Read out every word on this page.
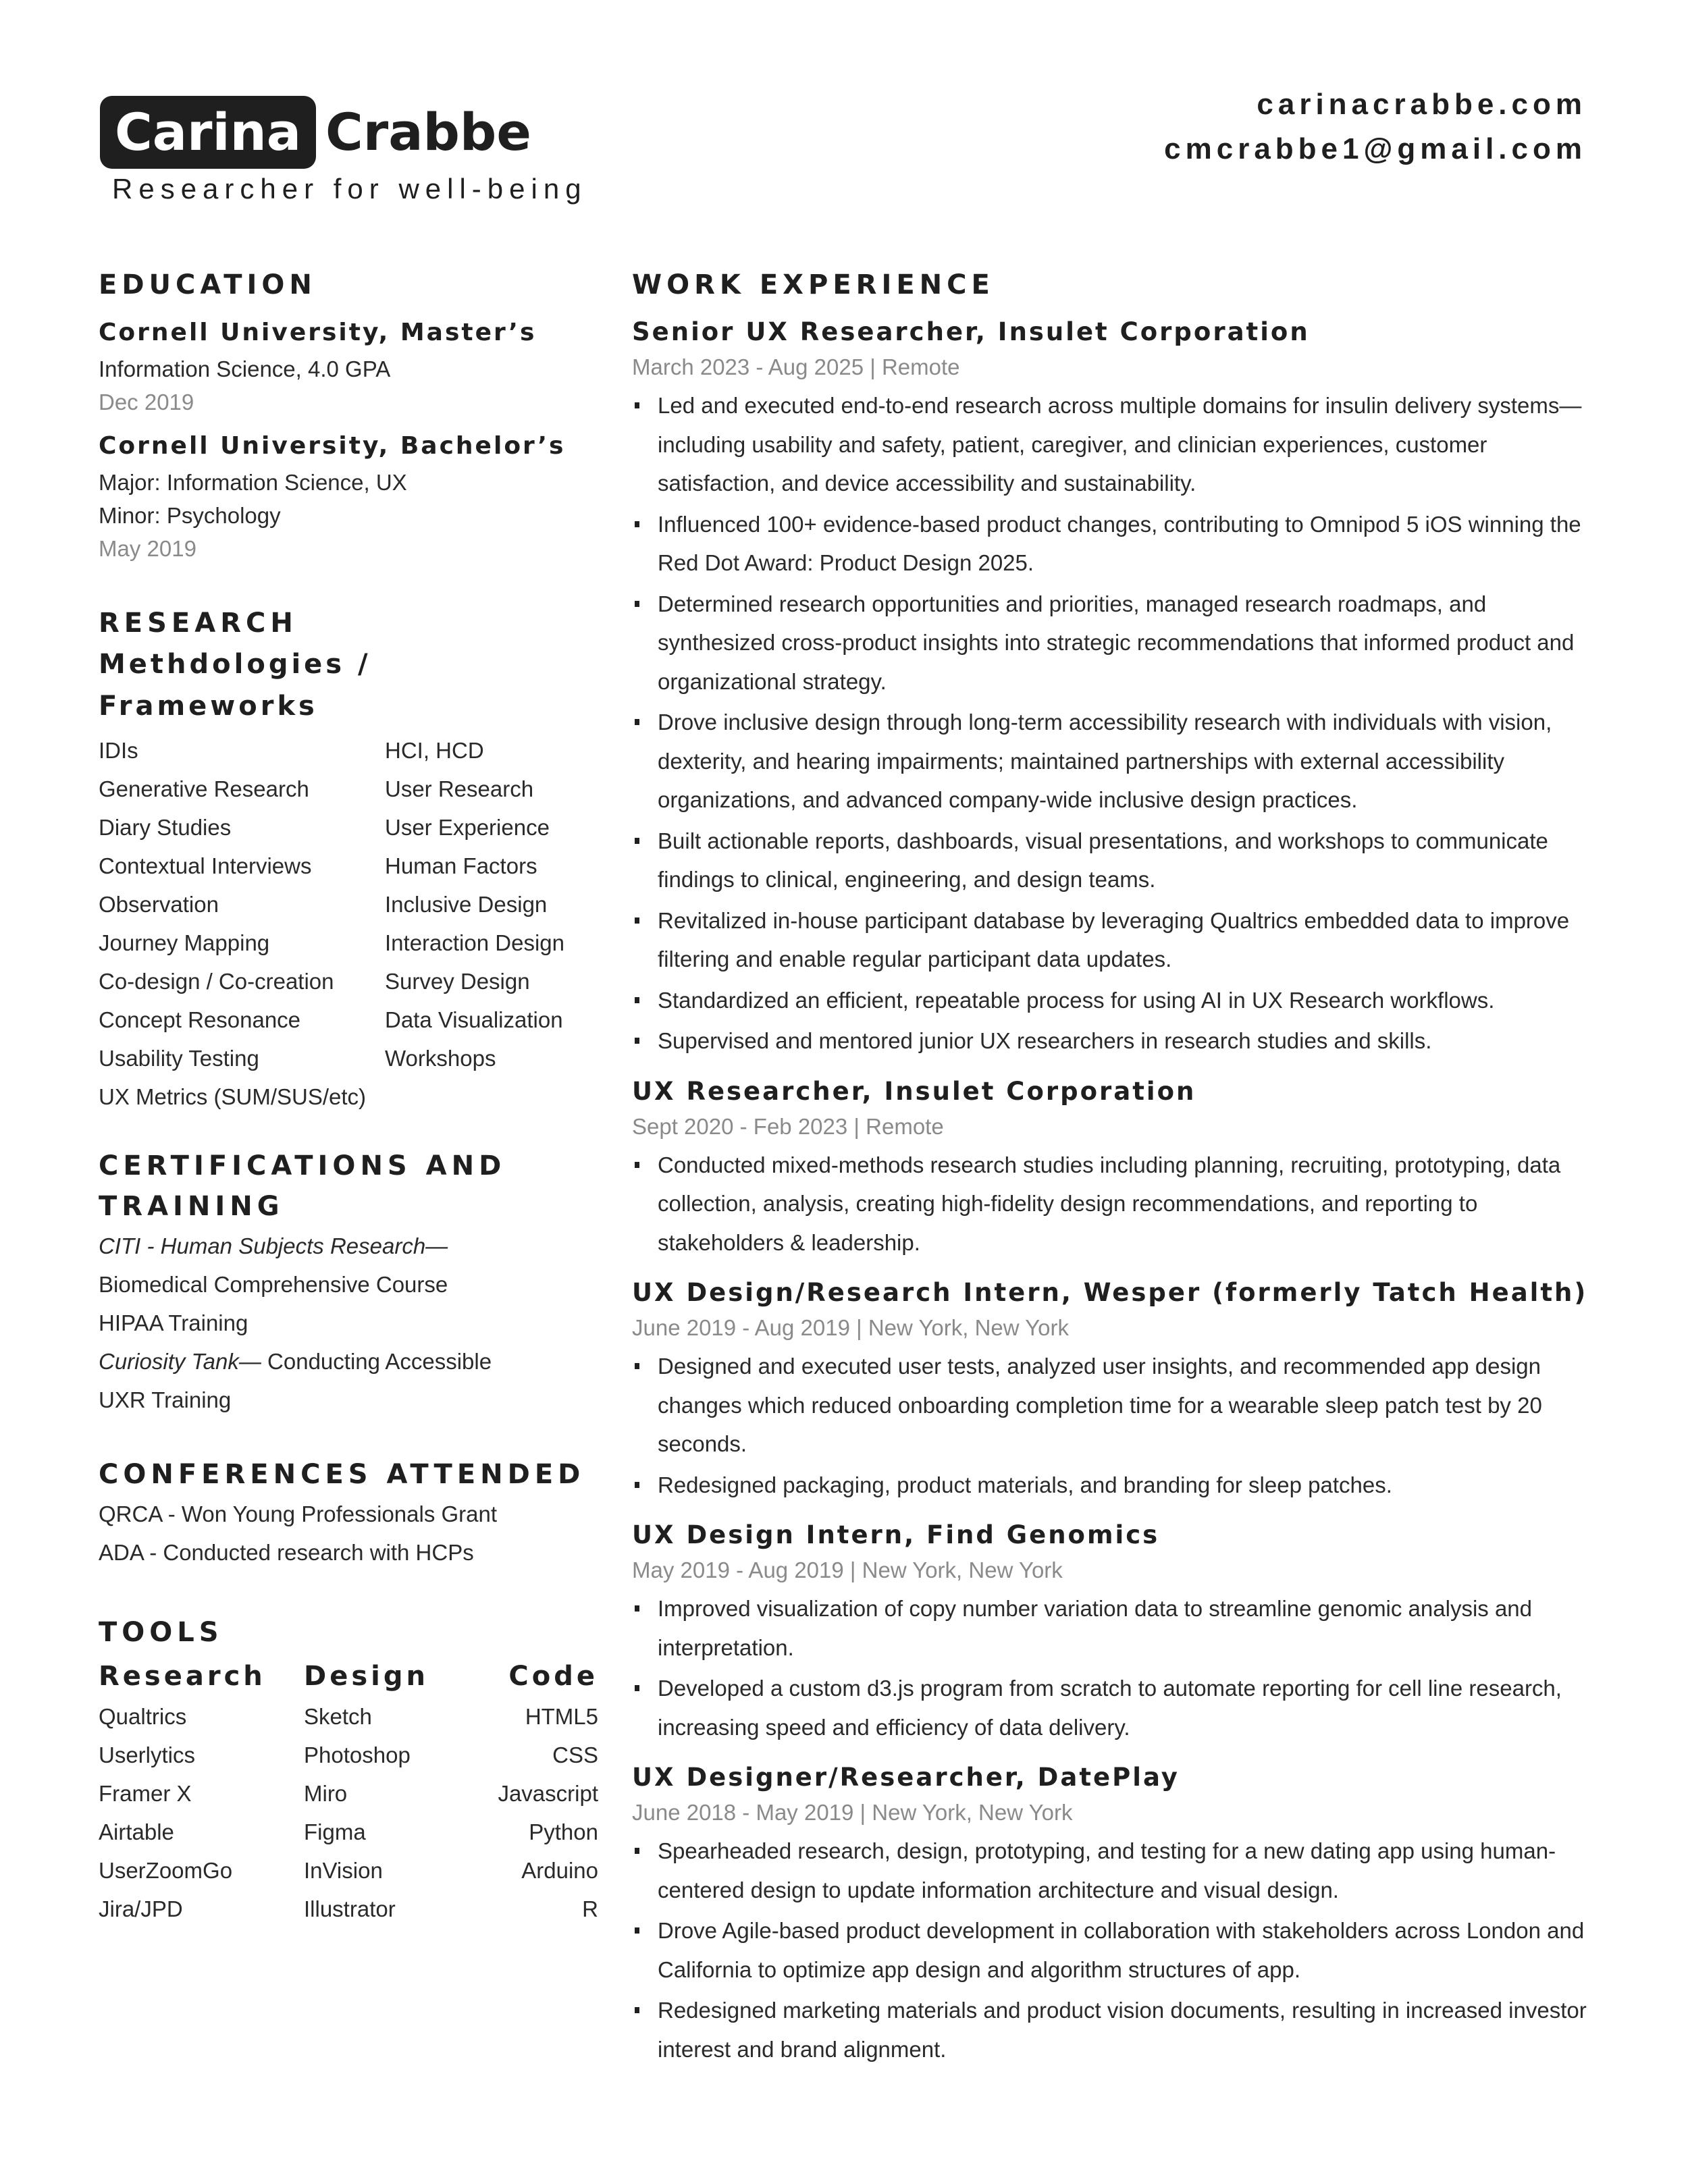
Carina Crabbe
Researcher for well-being
carinacrabbe.com
cmcrabbe1@gmail.com
EDUCATION
Cornell University, Master’s
Information Science, 4.0 GPA
Dec 2019
Cornell University, Bachelor’s
Major: Information Science, UX
Minor: Psychology
May 2019
RESEARCH
Methdologies / Frameworks
IDIs
Generative Research
Diary Studies
Contextual Interviews
Observation
Journey Mapping
Co-design / Co-creation
Concept Resonance
Usability Testing
UX Metrics (SUM/SUS/etc)
HCI, HCD
User Research
User Experience
Human Factors
Inclusive Design
Interaction Design
Survey Design
Data Visualization
Workshops
CERTIFICATIONS AND
TRAINING
CITI - Human Subjects Research—
Biomedical Comprehensive Course
HIPAA Training
Curiosity Tank— Conducting Accessible
UXR Training
CONFERENCES ATTENDED
QRCA - Won Young Professionals Grant
ADA - Conducted research with HCPs
TOOLS
Research
Qualtrics
Userlytics
Framer X
Airtable
UserZoomGo
Jira/JPD
Design
Sketch
Photoshop
Miro
Figma
InVision
Illustrator
Code
HTML5
CSS
Javascript
Python
Arduino
R
WORK EXPERIENCE
Senior UX Researcher, Insulet Corporation
March 2023 - Aug 2025 | Remote
Led and executed end-to-end research across multiple domains for insulin delivery systems— including usability and safety, patient, caregiver, and clinician experiences, customer satisfaction, and device accessibility and sustainability.
Influenced 100+ evidence-based product changes, contributing to Omnipod 5 iOS winning the Red Dot Award: Product Design 2025.
Determined research opportunities and priorities, managed research roadmaps, and synthesized cross-product insights into strategic recommendations that informed product and organizational strategy.
Drove inclusive design through long-term accessibility research with individuals with vision, dexterity, and hearing impairments; maintained partnerships with external accessibility organizations, and advanced company-wide inclusive design practices.
Built actionable reports, dashboards, visual presentations, and workshops to communicate findings to clinical, engineering, and design teams.
Revitalized in-house participant database by leveraging Qualtrics embedded data to improve filtering and enable regular participant data updates.
Standardized an efficient, repeatable process for using AI in UX Research workflows.
Supervised and mentored junior UX researchers in research studies and skills.
UX Researcher, Insulet Corporation
Sept 2020 - Feb 2023 | Remote
Conducted mixed-methods research studies including planning, recruiting, prototyping, data collection, analysis, creating high-fidelity design recommendations, and reporting to stakeholders & leadership.
UX Design/Research Intern, Wesper (formerly Tatch Health)
June 2019 - Aug 2019 | New York, New York
Designed and executed user tests, analyzed user insights, and recommended app design changes which reduced onboarding completion time for a wearable sleep patch test by 20 seconds.
Redesigned packaging, product materials, and branding for sleep patches.
UX Design Intern, Find Genomics
May 2019 - Aug 2019 | New York, New York
Improved visualization of copy number variation data to streamline genomic analysis and interpretation.
Developed a custom d3.js program from scratch to automate reporting for cell line research, increasing speed and efficiency of data delivery.
UX Designer/Researcher, DatePlay
June 2018 - May 2019 | New York, New York
Spearheaded research, design, prototyping, and testing for a new dating app using human-centered design to update information architecture and visual design.
Drove Agile-based product development in collaboration with stakeholders across London and California to optimize app design and algorithm structures of app.
Redesigned marketing materials and product vision documents, resulting in increased investor interest and brand alignment.
